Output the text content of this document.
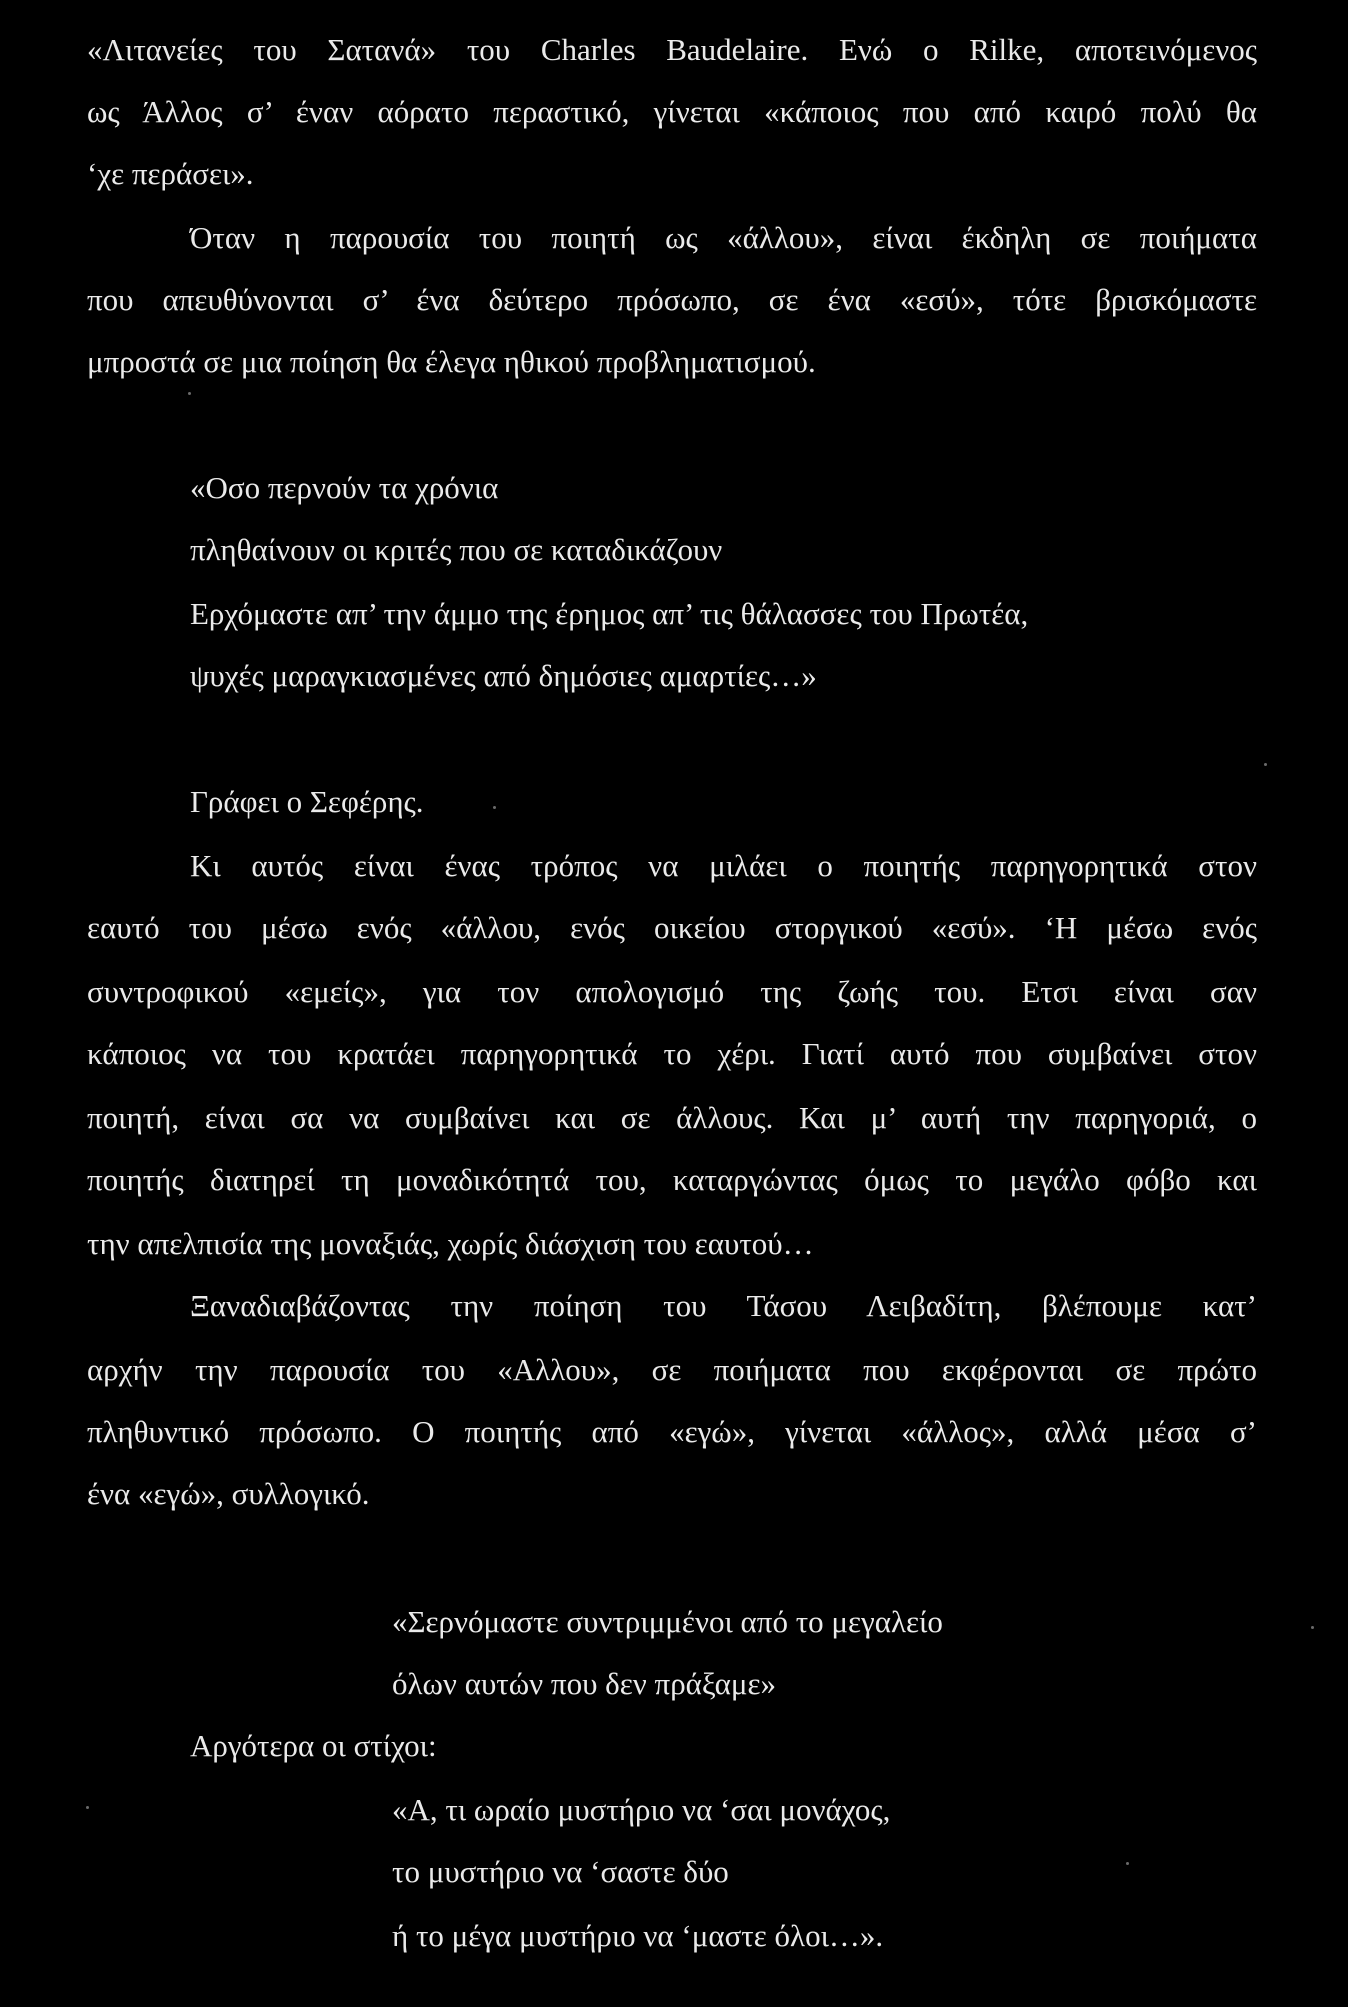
«Λιτανείες του Σατανά» του Charles Baudelaire. Ενώ ο Rilke, αποτεινόμενος
ως Άλλος σ’ έναν αόρατο περαστικό, γίνεται «κάποιος που από καιρό πολύ θα
‘χε περάσει».
Όταν η παρουσία του ποιητή ως «άλλου», είναι έκδηλη σε ποιήματα
που απευθύνονται σ’ ένα δεύτερο πρόσωπο, σε ένα «εσύ», τότε βρισκόμαστε
μπροστά σε μια ποίηση θα έλεγα ηθικού προβληματισμού.
«Οσο περνούν τα χρόνια
πληθαίνουν οι κριτές που σε καταδικάζουν
Ερχόμαστε απ’ την άμμο της έρημος απ’ τις θάλασσες του Πρωτέα,
ψυχές μαραγκιασμένες από δημόσιες αμαρτίες…»
Γράφει ο Σεφέρης.
Κι αυτός είναι ένας τρόπος να μιλάει ο ποιητής παρηγορητικά στον
εαυτό του μέσω ενός «άλλου, ενός οικείου στοργικού «εσύ». ‘Η μέσω ενός
συντροφικού «εμείς», για τον απολογισμό της ζωής του. Ετσι είναι σαν
κάποιος να του κρατάει παρηγορητικά το χέρι. Γιατί αυτό που συμβαίνει στον
ποιητή, είναι σα να συμβαίνει και σε άλλους. Και μ’ αυτή την παρηγοριά, ο
ποιητής διατηρεί τη μοναδικότητά του, καταργώντας όμως το μεγάλο φόβο και
την απελπισία της μοναξιάς, χωρίς διάσχιση του εαυτού…
Ξαναδιαβάζοντας την ποίηση του Τάσου Λειβαδίτη, βλέπουμε κατ’
αρχήν την παρουσία του «Αλλου», σε ποιήματα που εκφέρονται σε πρώτο
πληθυντικό πρόσωπο. Ο ποιητής από «εγώ», γίνεται «άλλος», αλλά μέσα σ’
ένα «εγώ», συλλογικό.
«Σερνόμαστε συντριμμένοι από το μεγαλείο
όλων αυτών που δεν πράξαμε»
Αργότερα οι στίχοι:
«Α, τι ωραίο μυστήριο να ‘σαι μονάχος,
το μυστήριο να ‘σαστε δύο
ή το μέγα μυστήριο να ‘μαστε όλοι…».
